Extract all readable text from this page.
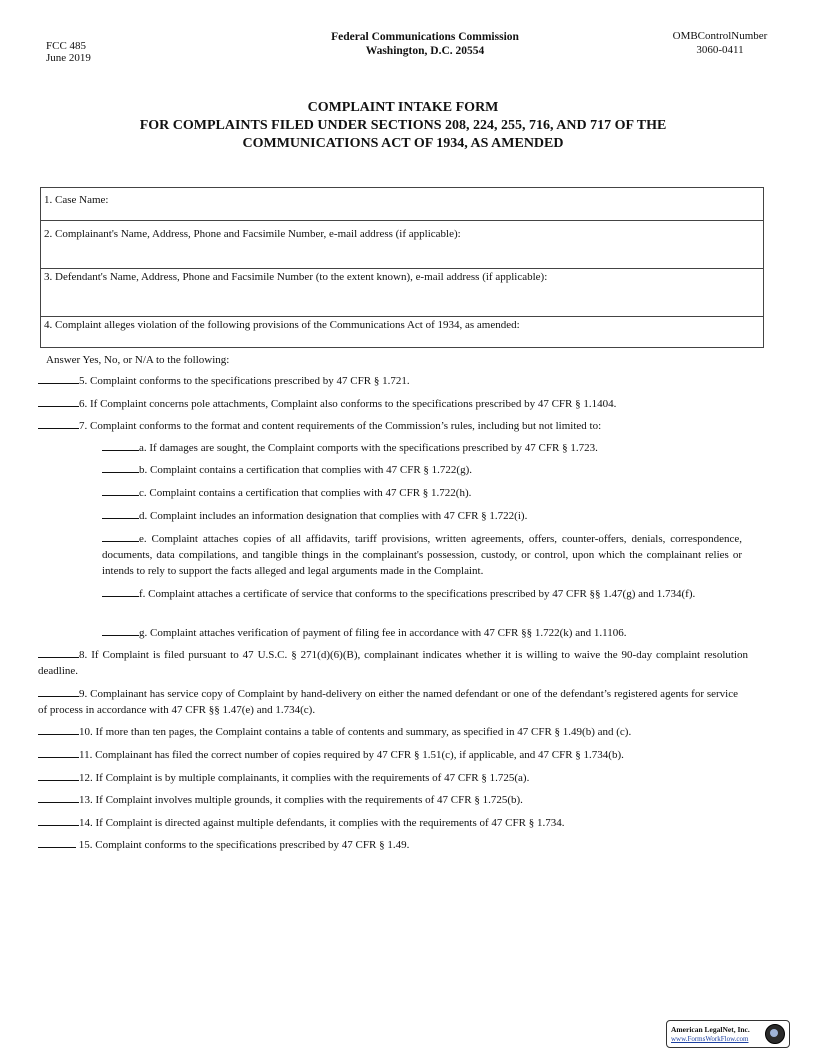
FCC 485
June 2019
Federal Communications Commission
Washington, D.C. 20554
OMBControlNumber
3060-0411
COMPLAINT INTAKE FORM
FOR COMPLAINTS FILED UNDER SECTIONS 208, 224, 255, 716, AND 717 OF THE
COMMUNICATIONS ACT OF 1934, AS AMENDED
1. Case Name:
2. Complainant's Name, Address, Phone and Facsimile Number, e-mail address (if applicable):
3. Defendant's Name, Address, Phone and Facsimile Number (to the extent known), e-mail address (if applicable):
4. Complaint alleges violation of the following provisions of the Communications Act of 1934, as amended:
Answer Yes, No, or N/A to the following:
5. Complaint conforms to the specifications prescribed by 47 CFR § 1.721.
6. If Complaint concerns pole attachments, Complaint also conforms to the specifications prescribed by 47 CFR § 1.1404.
7. Complaint conforms to the format and content requirements of the Commission’s rules, including but not limited to:
a. If damages are sought, the Complaint comports with the specifications prescribed by 47 CFR § 1.723.
b. Complaint contains a certification that complies with 47 CFR § 1.722(g).
c. Complaint contains a certification that complies with 47 CFR § 1.722(h).
d. Complaint includes an information designation that complies with 47 CFR § 1.722(i).
e. Complaint attaches copies of all affidavits, tariff provisions, written agreements, offers, counter-offers, denials, correspondence, documents, data compilations, and tangible things in the complainant's possession, custody, or control, upon which the complainant relies or intends to rely to support the facts alleged and legal arguments made in the Complaint.
f. Complaint attaches a certificate of service that conforms to the specifications prescribed by 47 CFR §§ 1.47(g) and 1.734(f).
g. Complaint attaches verification of payment of filing fee in accordance with 47 CFR §§ 1.722(k) and 1.1106.
8. If Complaint is filed pursuant to 47 U.S.C. § 271(d)(6)(B), complainant indicates whether it is willing to waive the 90-day complaint resolution deadline.
9. Complainant has service copy of Complaint by hand-delivery on either the named defendant or one of the defendant’s registered agents for service of process in accordance with 47 CFR §§ 1.47(e) and 1.734(c).
10. If more than ten pages, the Complaint contains a table of contents and summary, as specified in 47 CFR § 1.49(b) and (c).
11. Complainant has filed the correct number of copies required by 47 CFR § 1.51(c), if applicable, and 47 CFR § 1.734(b).
12. If Complaint is by multiple complainants, it complies with the requirements of 47 CFR § 1.725(a).
13. If Complaint involves multiple grounds, it complies with the requirements of 47 CFR § 1.725(b).
14. If Complaint is directed against multiple defendants, it complies with the requirements of 47 CFR § 1.734.
15. Complaint conforms to the specifications prescribed by 47 CFR § 1.49.
American LegalNet, Inc.
www.FormsWorkFlow.com
